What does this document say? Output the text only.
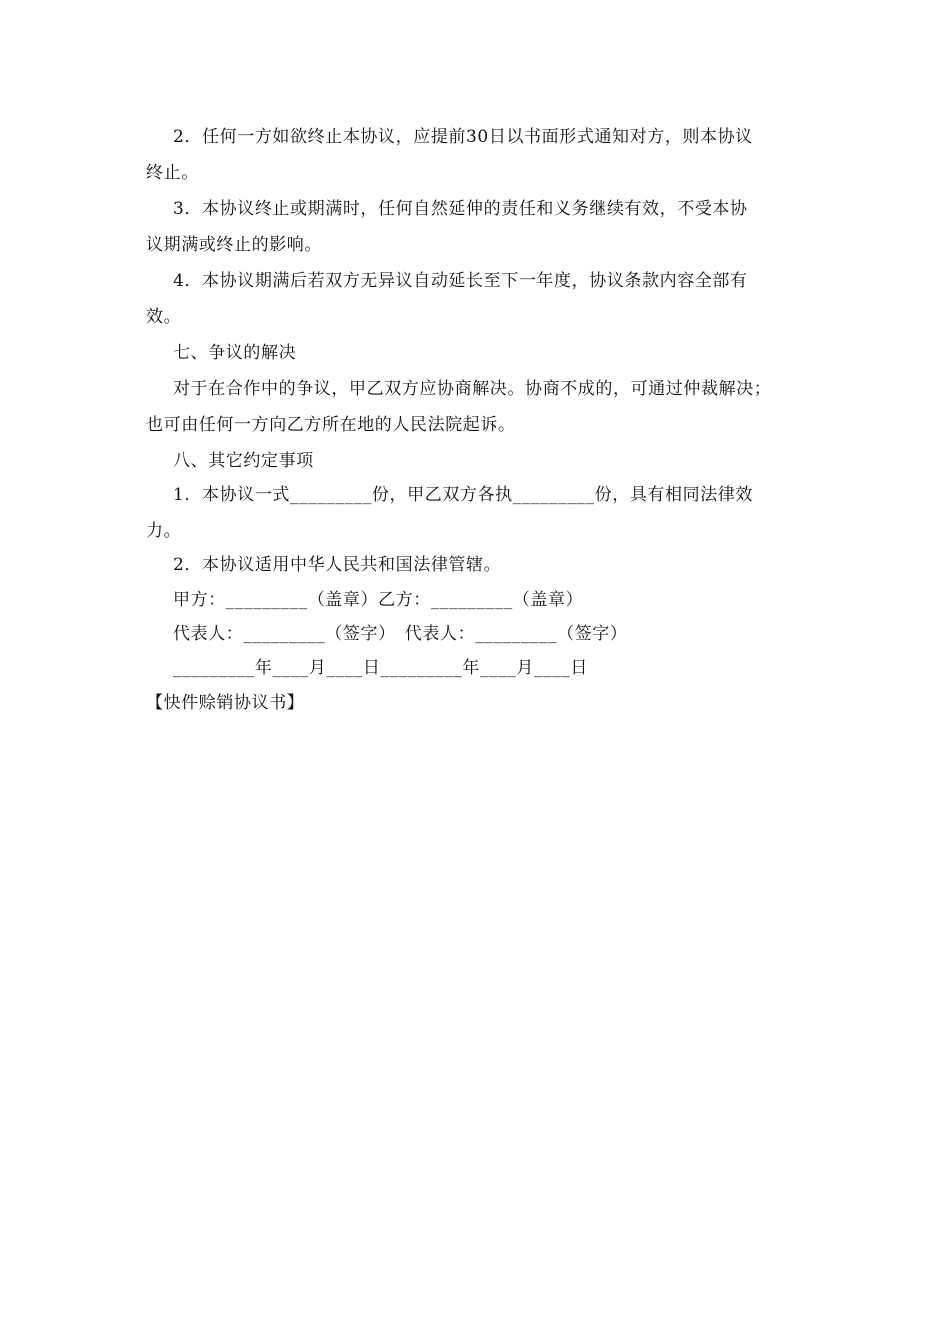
2．任何一方如欲终止本协议，应提前30日以书面形式通知对方，则本协议
终止。
3．本协议终止或期满时，任何自然延伸的责任和义务继续有效，不受本协
议期满或终止的影响。
4．本协议期满后若双方无异议自动延长至下一年度，协议条款内容全部有
效。
七、争议的解决
对于在合作中的争议，甲乙双方应协商解决。协商不成的，可通过仲裁解决；
也可由任何一方向乙方所在地的人民法院起诉。
八、其它约定事项
1．本协议一式_________份，甲乙双方各执_________份，具有相同法律效
力。
2．本协议适用中华人民共和国法律管辖。
甲方：_________（盖章）乙方：_________（盖章）
代表人：_________（签字）　代表人：_________（签字）
_________年____月____日_________年____月____日
【快件赊销协议书】
